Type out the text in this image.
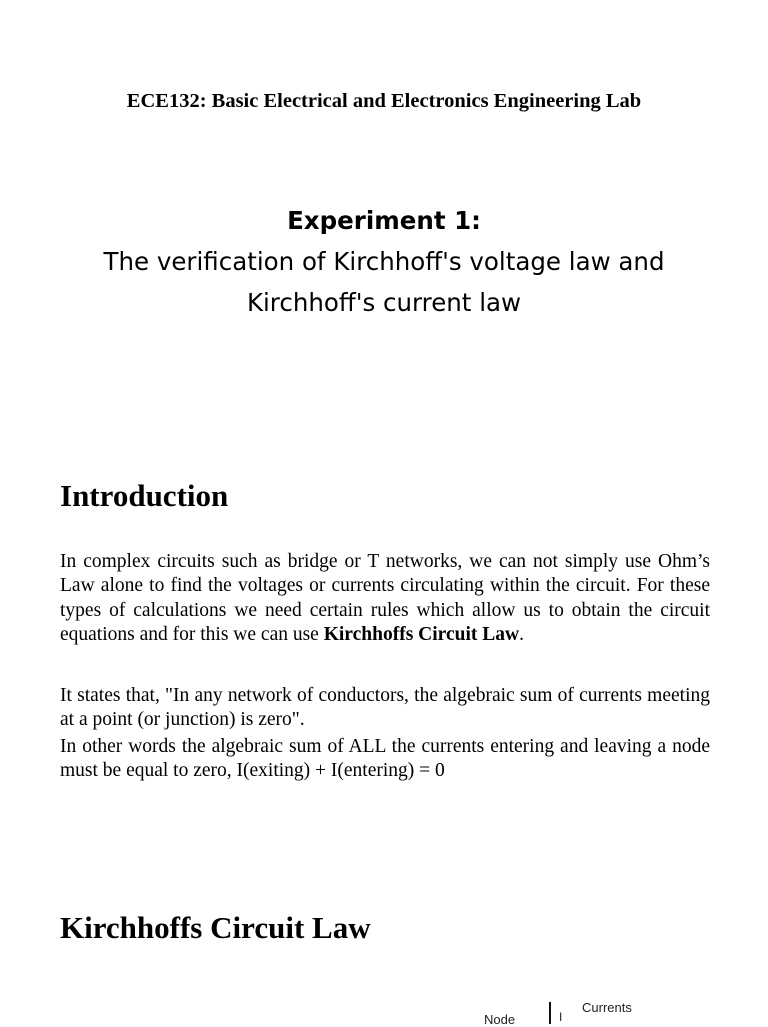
ECE132: Basic Electrical and Electronics Engineering Lab
Experiment 1:
The verification of Kirchhoff's voltage law and
Kirchhoff's current law
Introduction

In complex circuits such as bridge or T networks, we can not simply use Ohm’s Law alone to find the voltages or currents circulating within the circuit. For these types of calculations we need certain rules which allow us to obtain the circuit equations and for this we can use Kirchhoffs Circuit Law.

It states that, "In any network of conductors, the algebraic sum of currents meeting at a point (or junction) is zero".

In other words the algebraic sum of ALL the currents entering and leaving a node must be equal to zero, I(exiting) + I(entering) = 0

Kirchhoffs Circuit Law
Node	I
Currents
